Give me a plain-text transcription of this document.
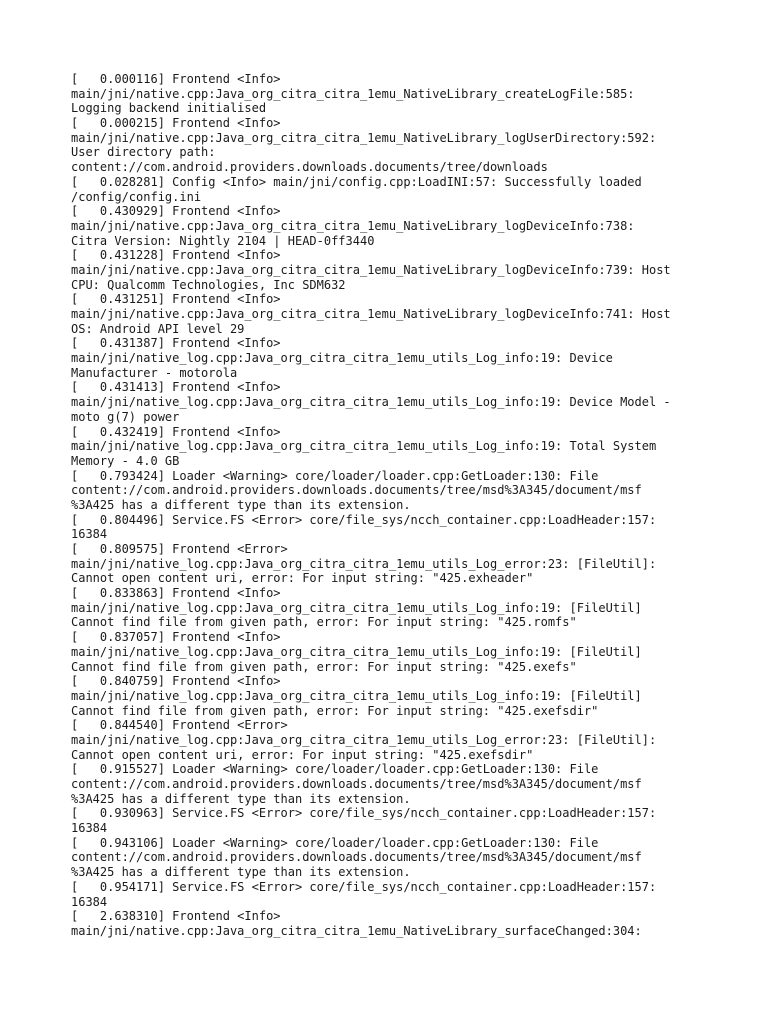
[   0.000116] Frontend <Info>
main/jni/native.cpp:Java_org_citra_citra_1emu_NativeLibrary_createLogFile:585:
Logging backend initialised
[   0.000215] Frontend <Info>
main/jni/native.cpp:Java_org_citra_citra_1emu_NativeLibrary_logUserDirectory:592:
User directory path:
content://com.android.providers.downloads.documents/tree/downloads
[   0.028281] Config <Info> main/jni/config.cpp:LoadINI:57: Successfully loaded
/config/config.ini
[   0.430929] Frontend <Info>
main/jni/native.cpp:Java_org_citra_citra_1emu_NativeLibrary_logDeviceInfo:738:
Citra Version: Nightly 2104 | HEAD-0ff3440
[   0.431228] Frontend <Info>
main/jni/native.cpp:Java_org_citra_citra_1emu_NativeLibrary_logDeviceInfo:739: Host
CPU: Qualcomm Technologies, Inc SDM632
[   0.431251] Frontend <Info>
main/jni/native.cpp:Java_org_citra_citra_1emu_NativeLibrary_logDeviceInfo:741: Host
OS: Android API level 29
[   0.431387] Frontend <Info>
main/jni/native_log.cpp:Java_org_citra_citra_1emu_utils_Log_info:19: Device
Manufacturer - motorola
[   0.431413] Frontend <Info>
main/jni/native_log.cpp:Java_org_citra_citra_1emu_utils_Log_info:19: Device Model -
moto g(7) power
[   0.432419] Frontend <Info>
main/jni/native_log.cpp:Java_org_citra_citra_1emu_utils_Log_info:19: Total System
Memory - 4.0 GB
[   0.793424] Loader <Warning> core/loader/loader.cpp:GetLoader:130: File
content://com.android.providers.downloads.documents/tree/msd%3A345/document/msf
%3A425 has a different type than its extension.
[   0.804496] Service.FS <Error> core/file_sys/ncch_container.cpp:LoadHeader:157:
16384
[   0.809575] Frontend <Error>
main/jni/native_log.cpp:Java_org_citra_citra_1emu_utils_Log_error:23: [FileUtil]:
Cannot open content uri, error: For input string: "425.exheader"
[   0.833863] Frontend <Info>
main/jni/native_log.cpp:Java_org_citra_citra_1emu_utils_Log_info:19: [FileUtil]
Cannot find file from given path, error: For input string: "425.romfs"
[   0.837057] Frontend <Info>
main/jni/native_log.cpp:Java_org_citra_citra_1emu_utils_Log_info:19: [FileUtil]
Cannot find file from given path, error: For input string: "425.exefs"
[   0.840759] Frontend <Info>
main/jni/native_log.cpp:Java_org_citra_citra_1emu_utils_Log_info:19: [FileUtil]
Cannot find file from given path, error: For input string: "425.exefsdir"
[   0.844540] Frontend <Error>
main/jni/native_log.cpp:Java_org_citra_citra_1emu_utils_Log_error:23: [FileUtil]:
Cannot open content uri, error: For input string: "425.exefsdir"
[   0.915527] Loader <Warning> core/loader/loader.cpp:GetLoader:130: File
content://com.android.providers.downloads.documents/tree/msd%3A345/document/msf
%3A425 has a different type than its extension.
[   0.930963] Service.FS <Error> core/file_sys/ncch_container.cpp:LoadHeader:157:
16384
[   0.943106] Loader <Warning> core/loader/loader.cpp:GetLoader:130: File
content://com.android.providers.downloads.documents/tree/msd%3A345/document/msf
%3A425 has a different type than its extension.
[   0.954171] Service.FS <Error> core/file_sys/ncch_container.cpp:LoadHeader:157:
16384
[   2.638310] Frontend <Info>
main/jni/native.cpp:Java_org_citra_citra_1emu_NativeLibrary_surfaceChanged:304:
